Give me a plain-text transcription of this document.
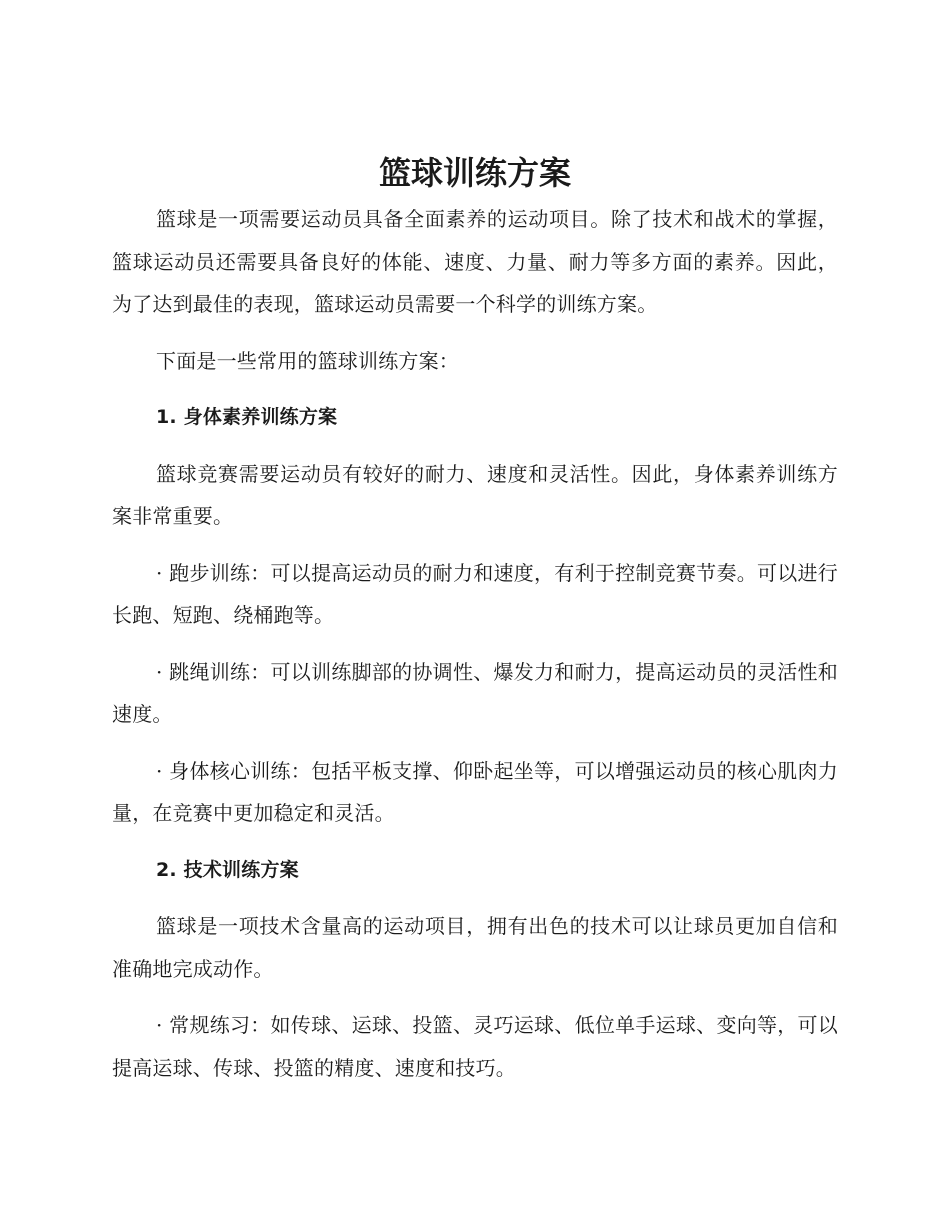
篮球训练方案

篮球是一项需要运动员具备全面素养的运动项目。除了技术和战术的掌握，篮球运动员还需要具备良好的体能、速度、力量、耐力等多方面的素养。因此，为了达到最佳的表现，篮球运动员需要一个科学的训练方案。

下面是一些常用的篮球训练方案：

1. 身体素养训练方案

篮球竞赛需要运动员有较好的耐力、速度和灵活性。因此，身体素养训练方案非常重要。

· 跑步训练：可以提高运动员的耐力和速度，有利于控制竞赛节奏。可以进行长跑、短跑、绕桶跑等。

· 跳绳训练：可以训练脚部的协调性、爆发力和耐力，提高运动员的灵活性和速度。

· 身体核心训练：包括平板支撑、仰卧起坐等，可以增强运动员的核心肌肉力量，在竞赛中更加稳定和灵活。

2. 技术训练方案

篮球是一项技术含量高的运动项目，拥有出色的技术可以让球员更加自信和准确地完成动作。

· 常规练习：如传球、运球、投篮、灵巧运球、低位单手运球、变向等，可以提高运球、传球、投篮的精度、速度和技巧。
